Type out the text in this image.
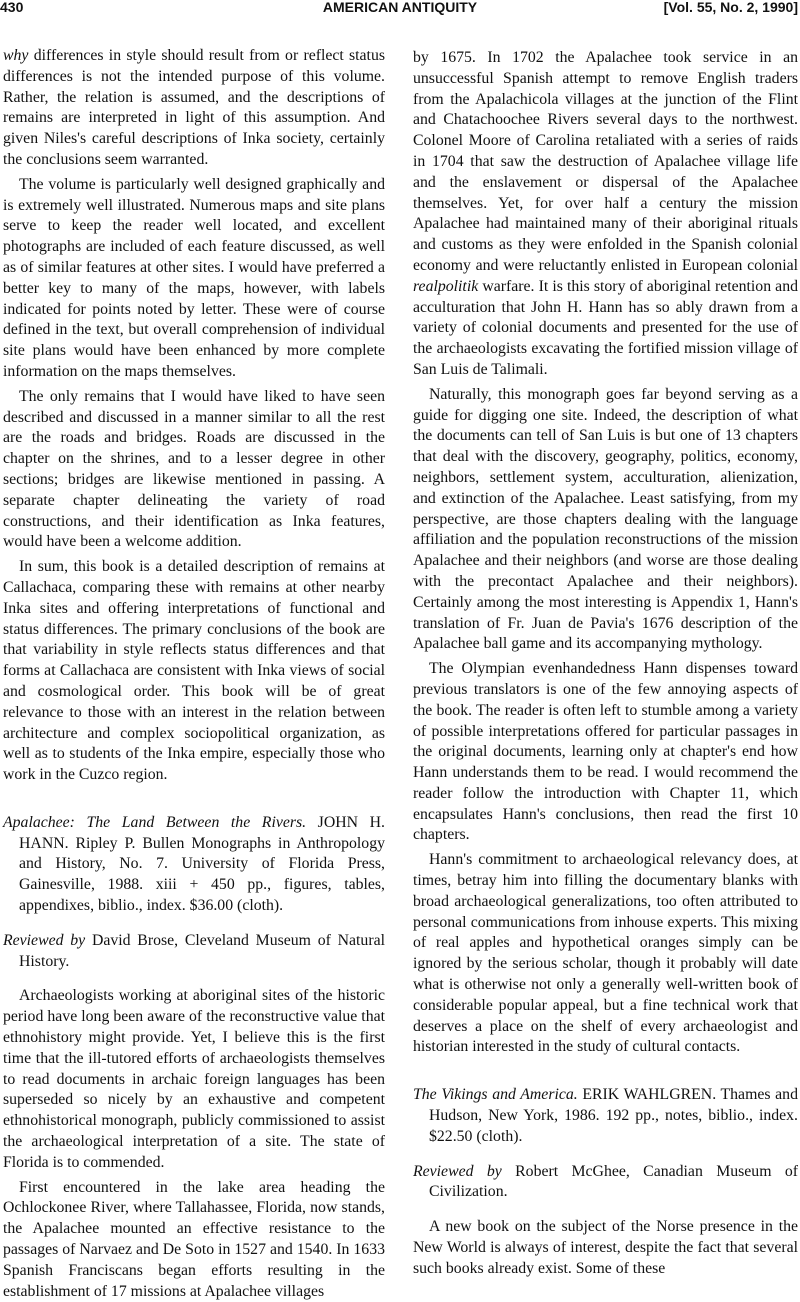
430	AMERICAN ANTIQUITY	[Vol. 55, No. 2, 1990]

why differences in style should result from or reflect status differences is not the intended purpose of this volume. Rather, the relation is assumed, and the descriptions of remains are interpreted in light of this assumption. And given Niles's careful descriptions of Inka society, certainly the conclusions seem warranted.

The volume is particularly well designed graphically and is extremely well illustrated. Numerous maps and site plans serve to keep the reader well located, and excellent photographs are included of each feature discussed, as well as of similar features at other sites. I would have preferred a better key to many of the maps, however, with labels indicated for points noted by letter. These were of course defined in the text, but overall comprehension of individual site plans would have been enhanced by more complete information on the maps themselves.

The only remains that I would have liked to have seen described and discussed in a manner similar to all the rest are the roads and bridges. Roads are discussed in the chapter on the shrines, and to a lesser degree in other sections; bridges are likewise mentioned in passing. A separate chapter delineating the variety of road constructions, and their identification as Inka features, would have been a welcome addition.

In sum, this book is a detailed description of remains at Callachaca, comparing these with remains at other nearby Inka sites and offering interpretations of functional and status differences. The primary conclusions of the book are that variability in style reflects status differences and that forms at Callachaca are consistent with Inka views of social and cosmological order. This book will be of great relevance to those with an interest in the relation between architecture and complex sociopolitical organization, as well as to students of the Inka empire, especially those who work in the Cuzco region.

Apalachee: The Land Between the Rivers. JOHN H. HANN. Ripley P. Bullen Monographs in Anthropology and History, No. 7. University of Florida Press, Gainesville, 1988. xiii + 450 pp., figures, tables, appendixes, biblio., index. $36.00 (cloth).

Reviewed by David Brose, Cleveland Museum of Natural History.

Archaeologists working at aboriginal sites of the historic period have long been aware of the reconstructive value that ethnohistory might provide. Yet, I believe this is the first time that the ill-tutored efforts of archaeologists themselves to read documents in archaic foreign languages has been superseded so nicely by an exhaustive and competent ethnohistorical monograph, publicly commissioned to assist the archaeological interpretation of a site. The state of Florida is to commended.

First encountered in the lake area heading the Ochlockonee River, where Tallahassee, Florida, now stands, the Apalachee mounted an effective resistance to the passages of Narvaez and De Soto in 1527 and 1540. In 1633 Spanish Franciscans began efforts resulting in the establishment of 17 missions at Apalachee villages

by 1675. In 1702 the Apalachee took service in an unsuccessful Spanish attempt to remove English traders from the Apalachicola villages at the junction of the Flint and Chatachoochee Rivers several days to the northwest. Colonel Moore of Carolina retaliated with a series of raids in 1704 that saw the destruction of Apalachee village life and the enslavement or dispersal of the Apalachee themselves. Yet, for over half a century the mission Apalachee had maintained many of their aboriginal rituals and customs as they were enfolded in the Spanish colonial economy and were reluctantly enlisted in European colonial realpolitik warfare. It is this story of aboriginal retention and acculturation that John H. Hann has so ably drawn from a variety of colonial documents and presented for the use of the archaeologists excavating the fortified mission village of San Luis de Talimali.

Naturally, this monograph goes far beyond serving as a guide for digging one site. Indeed, the description of what the documents can tell of San Luis is but one of 13 chapters that deal with the discovery, geography, politics, economy, neighbors, settlement system, acculturation, alienization, and extinction of the Apalachee. Least satisfying, from my perspective, are those chapters dealing with the language affiliation and the population reconstructions of the mission Apalachee and their neighbors (and worse are those dealing with the precontact Apalachee and their neighbors). Certainly among the most interesting is Appendix 1, Hann's translation of Fr. Juan de Pavia's 1676 description of the Apalachee ball game and its accompanying mythology.

The Olympian evenhandedness Hann dispenses toward previous translators is one of the few annoying aspects of the book. The reader is often left to stumble among a variety of possible interpretations offered for particular passages in the original documents, learning only at chapter's end how Hann understands them to be read. I would recommend the reader follow the introduction with Chapter 11, which encapsulates Hann's conclusions, then read the first 10 chapters.

Hann's commitment to archaeological relevancy does, at times, betray him into filling the documentary blanks with broad archaeological generalizations, too often attributed to personal communications from inhouse experts. This mixing of real apples and hypothetical oranges simply can be ignored by the serious scholar, though it probably will date what is otherwise not only a generally well-written book of considerable popular appeal, but a fine technical work that deserves a place on the shelf of every archaeologist and historian interested in the study of cultural contacts.

The Vikings and America. ERIK WAHLGREN. Thames and Hudson, New York, 1986. 192 pp., notes, biblio., index. $22.50 (cloth).

Reviewed by Robert McGhee, Canadian Museum of Civilization.

A new book on the subject of the Norse presence in the New World is always of interest, despite the fact that several such books already exist. Some of these
